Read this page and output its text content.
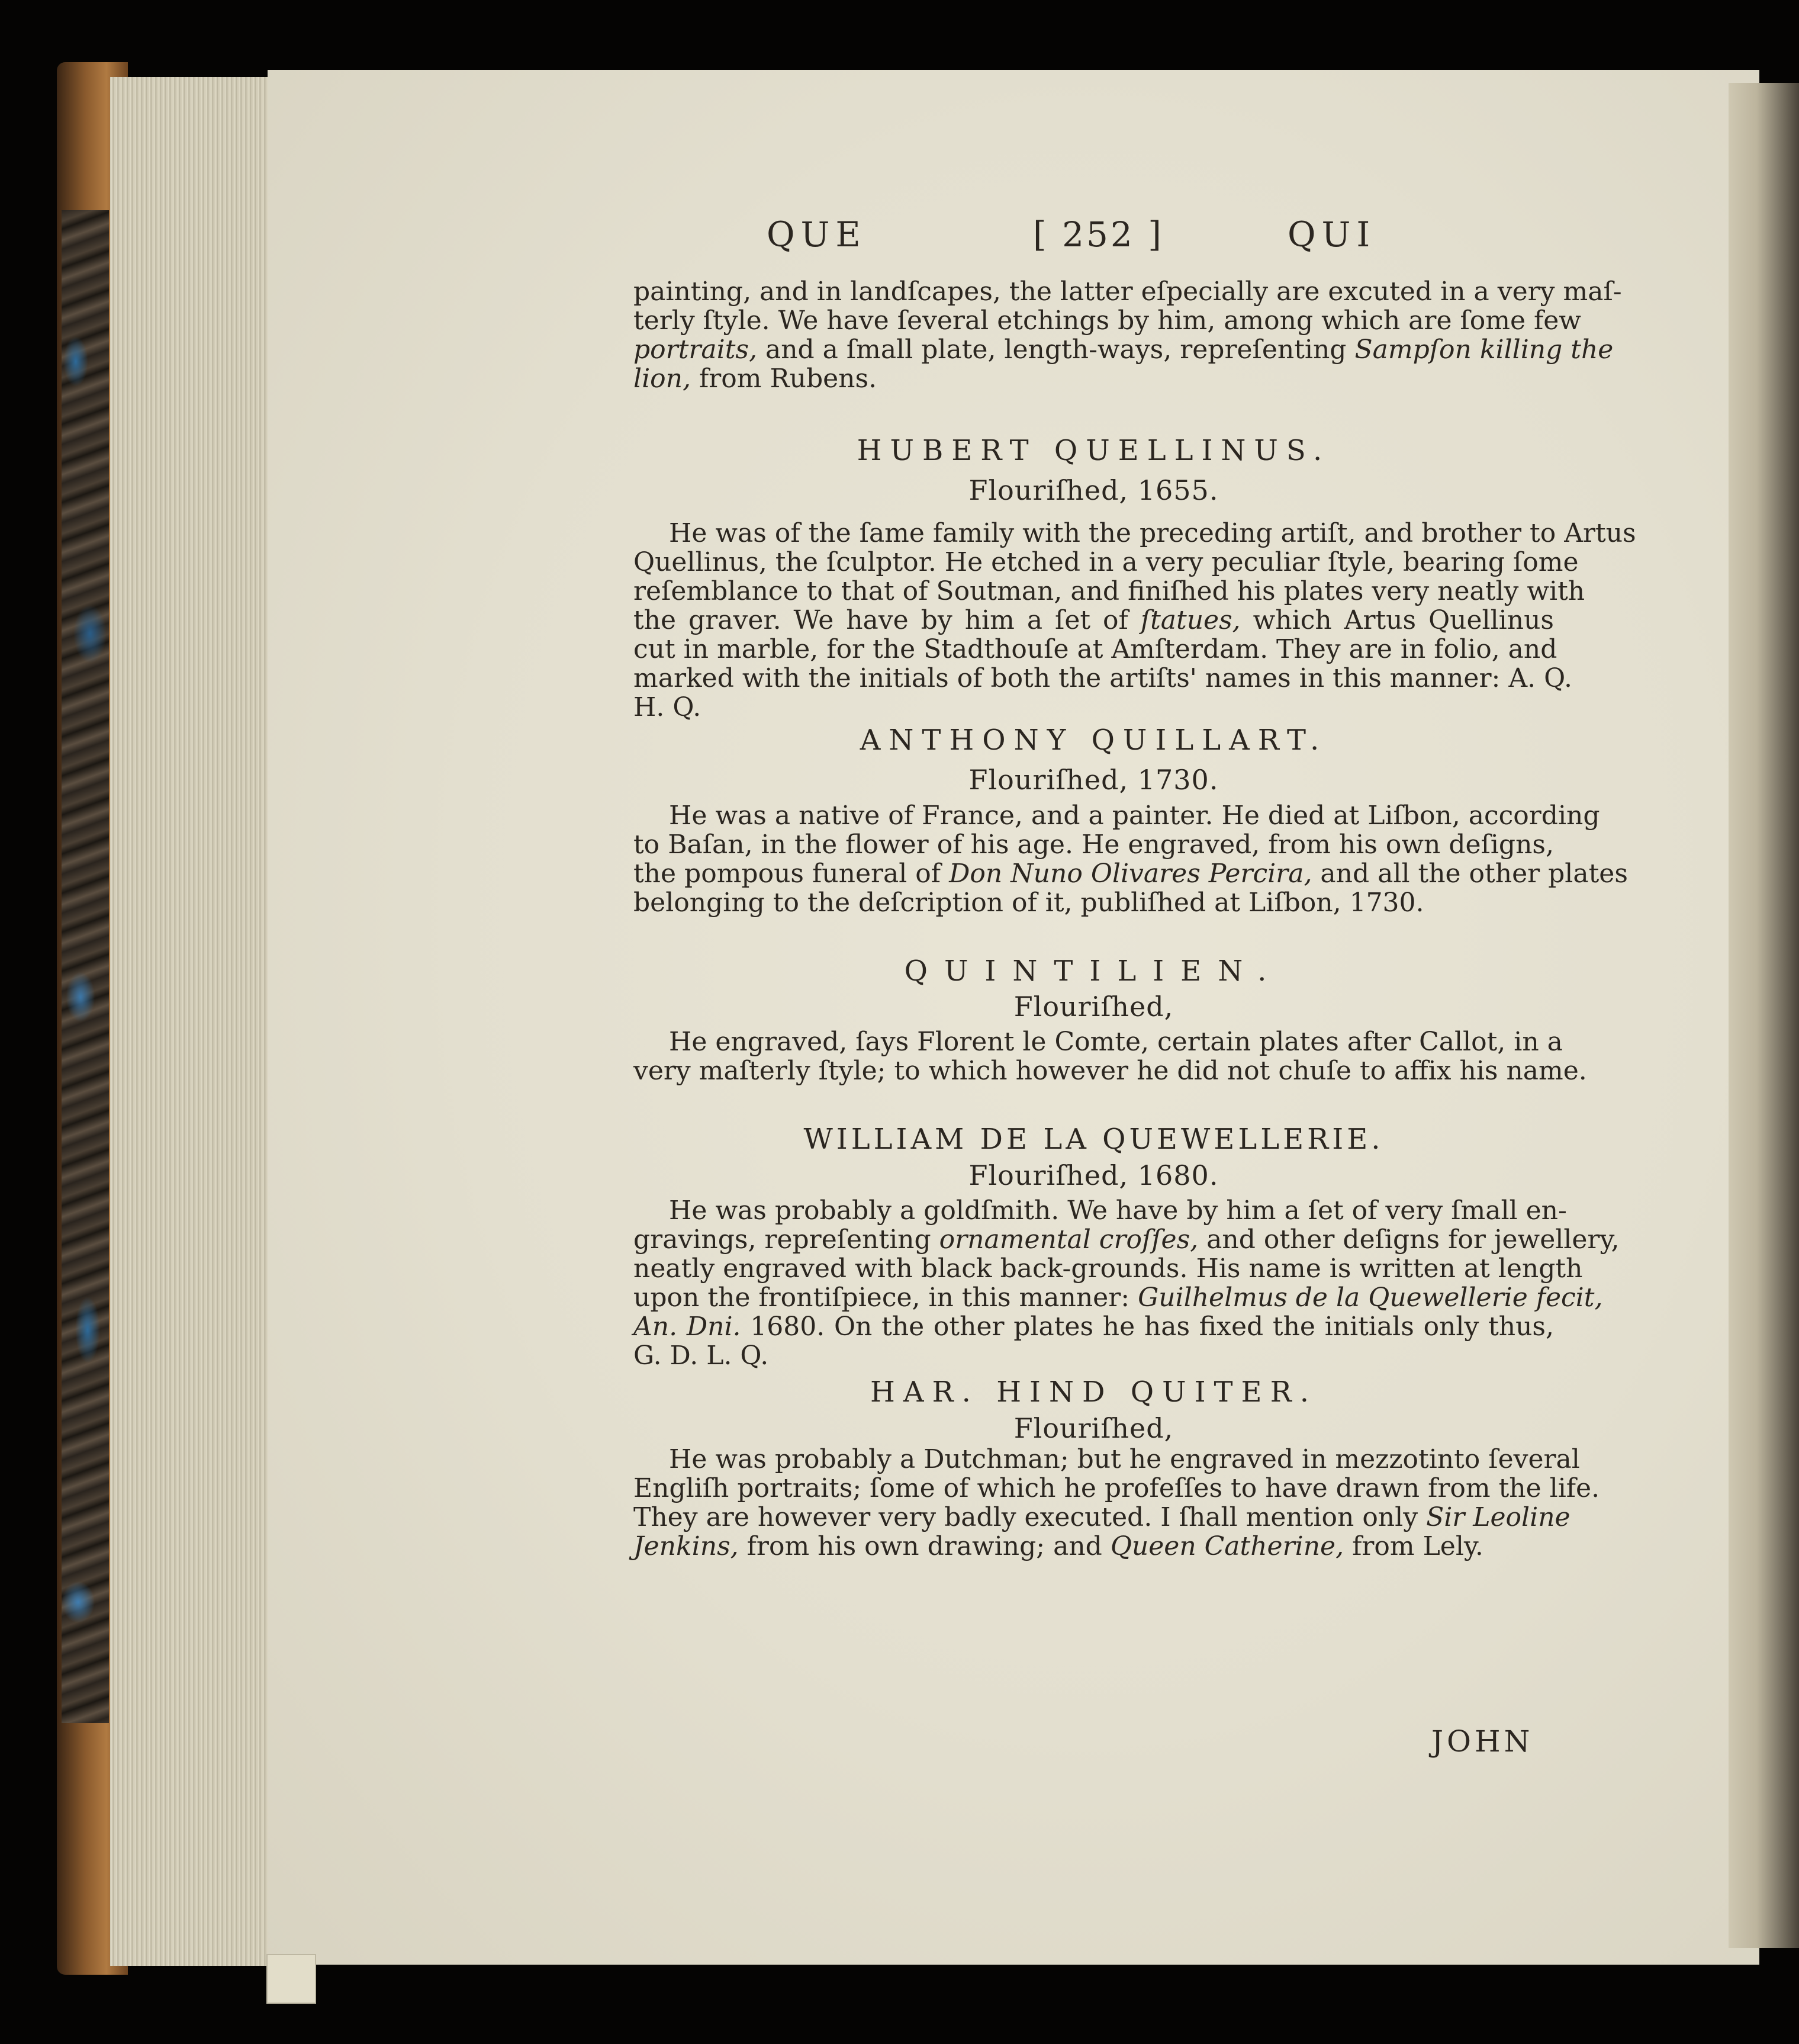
QUE	[ 252 ]	QUI
painting, and in landſcapes, the latter eſpecially are excuted in a very maſ-
terly ſtyle. We have ſeveral etchings by him, among which are ſome few
portraits, and a ſmall plate, length-ways, repreſenting Sampſon killing the
lion, from Rubens.
HUBERT QUELLINUS.
Flouriſhed, 1655.
He was of the ſame family with the preceding artiſt, and brother to Artus
Quellinus, the ſculptor. He etched in a very peculiar ſtyle, bearing ſome
reſemblance to that of Soutman, and finiſhed his plates very neatly with
the graver. We have by him a ſet of ſtatues, which Artus Quellinus
cut in marble, for the Stadthouſe at Amſterdam. They are in folio, and
marked with the initials of both the artiſts' names in this manner: A. Q.
H. Q.
ANTHONY QUILLART.
Flouriſhed, 1730.
He was a native of France, and a painter. He died at Liſbon, according
to Baſan, in the flower of his age. He engraved, from his own deſigns,
the pompous funeral of Don Nuno Olivares Percira, and all the other plates
belonging to the deſcription of it, publiſhed at Liſbon, 1730.
QUINTILIEN.
Flouriſhed,
He engraved, ſays Florent le Comte, certain plates after Callot, in a
very maſterly ſtyle; to which however he did not chuſe to affix his name.
WILLIAM DE LA QUEWELLERIE.
Flouriſhed, 1680.
He was probably a goldſmith. We have by him a ſet of very ſmall en-
gravings, repreſenting ornamental croſſes, and other deſigns for jewellery,
neatly engraved with black back-grounds. His name is written at length
upon the frontiſpiece, in this manner: Guilhelmus de la Quewellerie fecit,
An. Dni. 1680. On the other plates he has fixed the initials only thus,
G. D. L. Q.
HAR. HIND QUITER.
Flouriſhed,
He was probably a Dutchman; but he engraved in mezzotinto ſeveral
Engliſh portraits; ſome of which he profeſſes to have drawn from the life.
They are however very badly executed. I ſhall mention only Sir Leoline
Jenkins, from his own drawing; and Queen Catherine, from Lely.
JOHN
